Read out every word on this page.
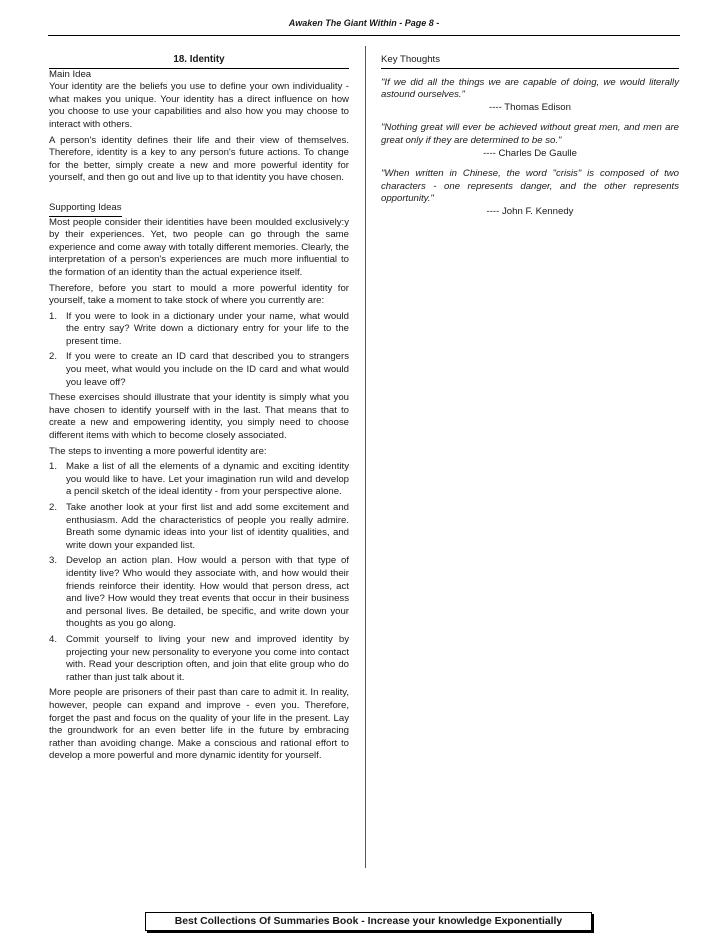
Awaken The Giant Within - Page 8 -
18. Identity
Main Idea

Your identity are the beliefs you use to define your own individuality - what makes you unique. Your identity has a direct influence on how you choose to use your capabilities and also how you may choose to interact with others.

A person's identity defines their life and their view of themselves. Therefore, identity is a key to any person's future actions. To change for the better, simply create a new and more powerful identity for yourself, and then go out and live up to that identity you have chosen.

Supporting Ideas

Most people consider their identities have been moulded exclusively:y by their experiences. Yet, two people can go through the same experience and come away with totally different memories. Clearly, the interpretation of a person's experiences are much more influential to the formation of an identity than the actual experience itself.

Therefore, before you start to mould a more powerful identity for yourself, take a moment to take stock of where you currently are:

1. If you were to look in a dictionary under your name, what would the entry say? Write down a dictionary entry for your life to the present time.
2. If you were to create an ID card that described you to strangers you meet, what would you include on the ID card and what would you leave off?

These exercises should illustrate that your identity is simply what you have chosen to identify yourself with in the last. That means that to create a new and empowering identity, you simply need to choose different items with which to become closely associated.

The steps to inventing a more powerful identity are:

1. Make a list of all the elements of a dynamic and exciting identity you would like to have. Let your imagination run wild and develop a pencil sketch of the ideal identity - from your perspective alone.
2. Take another look at your first list and add some excitement and enthusiasm. Add the characteristics of people you really admire. Breath some dynamic ideas into your list of identity qualities, and write down your expanded list.
3. Develop an action plan. How would a person with that type of identity live? Who would they associate with, and how would their friends reinforce their identity. How would that person dress, act and live? How would they treat events that occur in their business and personal lives. Be detailed, be specific, and write down your thoughts as you go along.
4. Commit yourself to living your new and improved identity by projecting your new personality to everyone you come into contact with. Read your description often, and join that elite group who do rather than just talk about it.

More people are prisoners of their past than care to admit it. In reality, however, people can expand and improve - even you. Therefore, forget the past and focus on the quality of your life in the present. Lay the groundwork for an even better life in the future by embracing rather than avoiding change. Make a conscious and rational effort to develop a more powerful and more dynamic identity for yourself.

Key Thoughts

"If we did all the things we are capable of doing, we would literally astound ourselves."

---- Thomas Edison

"Nothing great will ever be achieved without great men, and men are great only if they are determined to be so."

---- Charles De Gaulle

"When written in Chinese, the word "crisis" is composed of two characters - one represents danger, and the other represents opportunity."

---- John F. Kennedy

Best Collections Of Summaries Book - Increase your knowledge Exponentially
